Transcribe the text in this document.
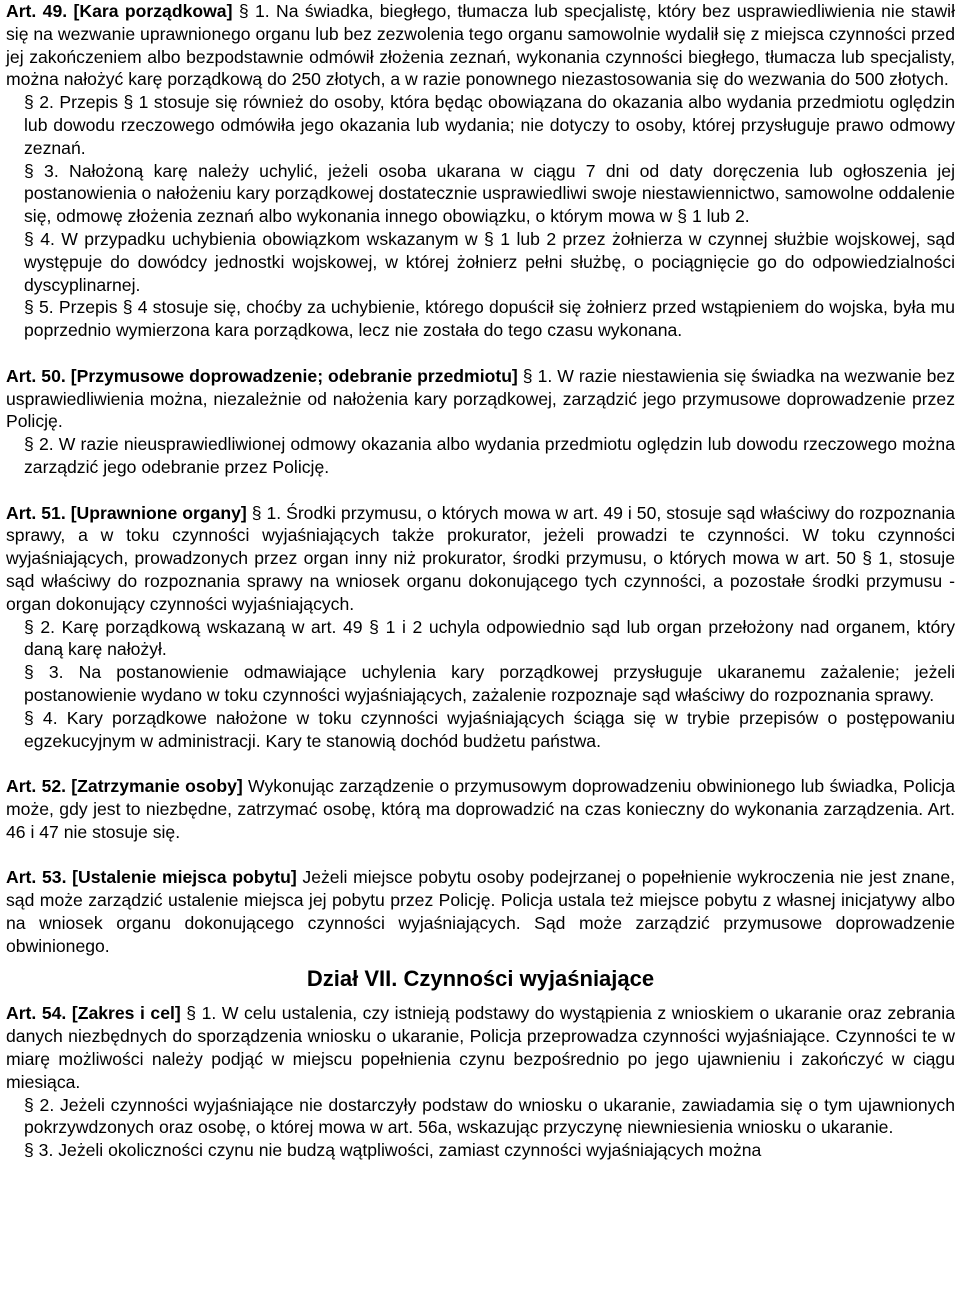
Art. 49. [Kara porządkowa] § 1. Na świadka, biegłego, tłumacza lub specjalistę, który bez usprawiedliwienia nie stawił się na wezwanie uprawnionego organu lub bez zezwolenia tego organu samowolnie wydalił się z miejsca czynności przed jej zakończeniem albo bezpodstawnie odmówił złożenia zeznań, wykonania czynności biegłego, tłumacza lub specjalisty, można nałożyć karę porządkową do 250 złotych, a w razie ponownego niezastosowania się do wezwania do 500 złotych.

§ 2. Przepis § 1 stosuje się również do osoby, która będąc obowiązana do okazania albo wydania przedmiotu oględzin lub dowodu rzeczowego odmówiła jego okazania lub wydania; nie dotyczy to osoby, której przysługuje prawo odmowy zeznań.

§ 3. Nałożoną karę należy uchylić, jeżeli osoba ukarana w ciągu 7 dni od daty doręczenia lub ogłoszenia jej postanowienia o nałożeniu kary porządkowej dostatecznie usprawiedliwi swoje niestawiennictwo, samowolne oddalenie się, odmowę złożenia zeznań albo wykonania innego obowiązku, o którym mowa w § 1 lub 2.

§ 4. W przypadku uchybienia obowiązkom wskazanym w § 1 lub 2 przez żołnierza w czynnej służbie wojskowej, sąd występuje do dowódcy jednostki wojskowej, w której żołnierz pełni służbę, o pociągnięcie go do odpowiedzialności dyscyplinarnej.

§ 5. Przepis § 4 stosuje się, choćby za uchybienie, którego dopuścił się żołnierz przed wstąpieniem do wojska, była mu poprzednio wymierzona kara porządkowa, lecz nie została do tego czasu wykonana.

Art. 50. [Przymusowe doprowadzenie; odebranie przedmiotu] § 1. W razie niestawienia się świadka na wezwanie bez usprawiedliwienia można, niezależnie od nałożenia kary porządkowej, zarządzić jego przymusowe doprowadzenie przez Policję.

§ 2. W razie nieusprawiedliwionej odmowy okazania albo wydania przedmiotu oględzin lub dowodu rzeczowego można zarządzić jego odebranie przez Policję.

Art. 51. [Uprawnione organy] § 1. Środki przymusu, o których mowa w art. 49 i 50, stosuje sąd właściwy do rozpoznania sprawy, a w toku czynności wyjaśniających także prokurator, jeżeli prowadzi te czynności. W toku czynności wyjaśniających, prowadzonych przez organ inny niż prokurator, środki przymusu, o których mowa w art. 50 § 1, stosuje sąd właściwy do rozpoznania sprawy na wniosek organu dokonującego tych czynności, a pozostałe środki przymusu - organ dokonujący czynności wyjaśniających.

§ 2. Karę porządkową wskazaną w art. 49 § 1 i 2 uchyla odpowiednio sąd lub organ przełożony nad organem, który daną karę nałożył.

§ 3. Na postanowienie odmawiające uchylenia kary porządkowej przysługuje ukaranemu zażalenie; jeżeli postanowienie wydano w toku czynności wyjaśniających, zażalenie rozpoznaje sąd właściwy do rozpoznania sprawy.

§ 4. Kary porządkowe nałożone w toku czynności wyjaśniających ściąga się w trybie przepisów o postępowaniu egzekucyjnym w administracji. Kary te stanowią dochód budżetu państwa.

Art. 52. [Zatrzymanie osoby] Wykonując zarządzenie o przymusowym doprowadzeniu obwinionego lub świadka, Policja może, gdy jest to niezbędne, zatrzymać osobę, którą ma doprowadzić na czas konieczny do wykonania zarządzenia. Art. 46 i 47 nie stosuje się.

Art. 53. [Ustalenie miejsca pobytu] Jeżeli miejsce pobytu osoby podejrzanej o popełnienie wykroczenia nie jest znane, sąd może zarządzić ustalenie miejsca jej pobytu przez Policję. Policja ustala też miejsce pobytu z własnej inicjatywy albo na wniosek organu dokonującego czynności wyjaśniających. Sąd może zarządzić przymusowe doprowadzenie obwinionego.

Dział VII. Czynności wyjaśniające

Art. 54. [Zakres i cel] § 1. W celu ustalenia, czy istnieją podstawy do wystąpienia z wnioskiem o ukaranie oraz zebrania danych niezbędnych do sporządzenia wniosku o ukaranie, Policja przeprowadza czynności wyjaśniające. Czynności te w miarę możliwości należy podjąć w miejscu popełnienia czynu bezpośrednio po jego ujawnieniu i zakończyć w ciągu miesiąca.

§ 2. Jeżeli czynności wyjaśniające nie dostarczyły podstaw do wniosku o ukaranie, zawiadamia się o tym ujawnionych pokrzywdzonych oraz osobę, o której mowa w art. 56a, wskazując przyczynę niewniesienia wniosku o ukaranie.

§ 3. Jeżeli okoliczności czynu nie budzą wątpliwości, zamiast czynności wyjaśniających można
